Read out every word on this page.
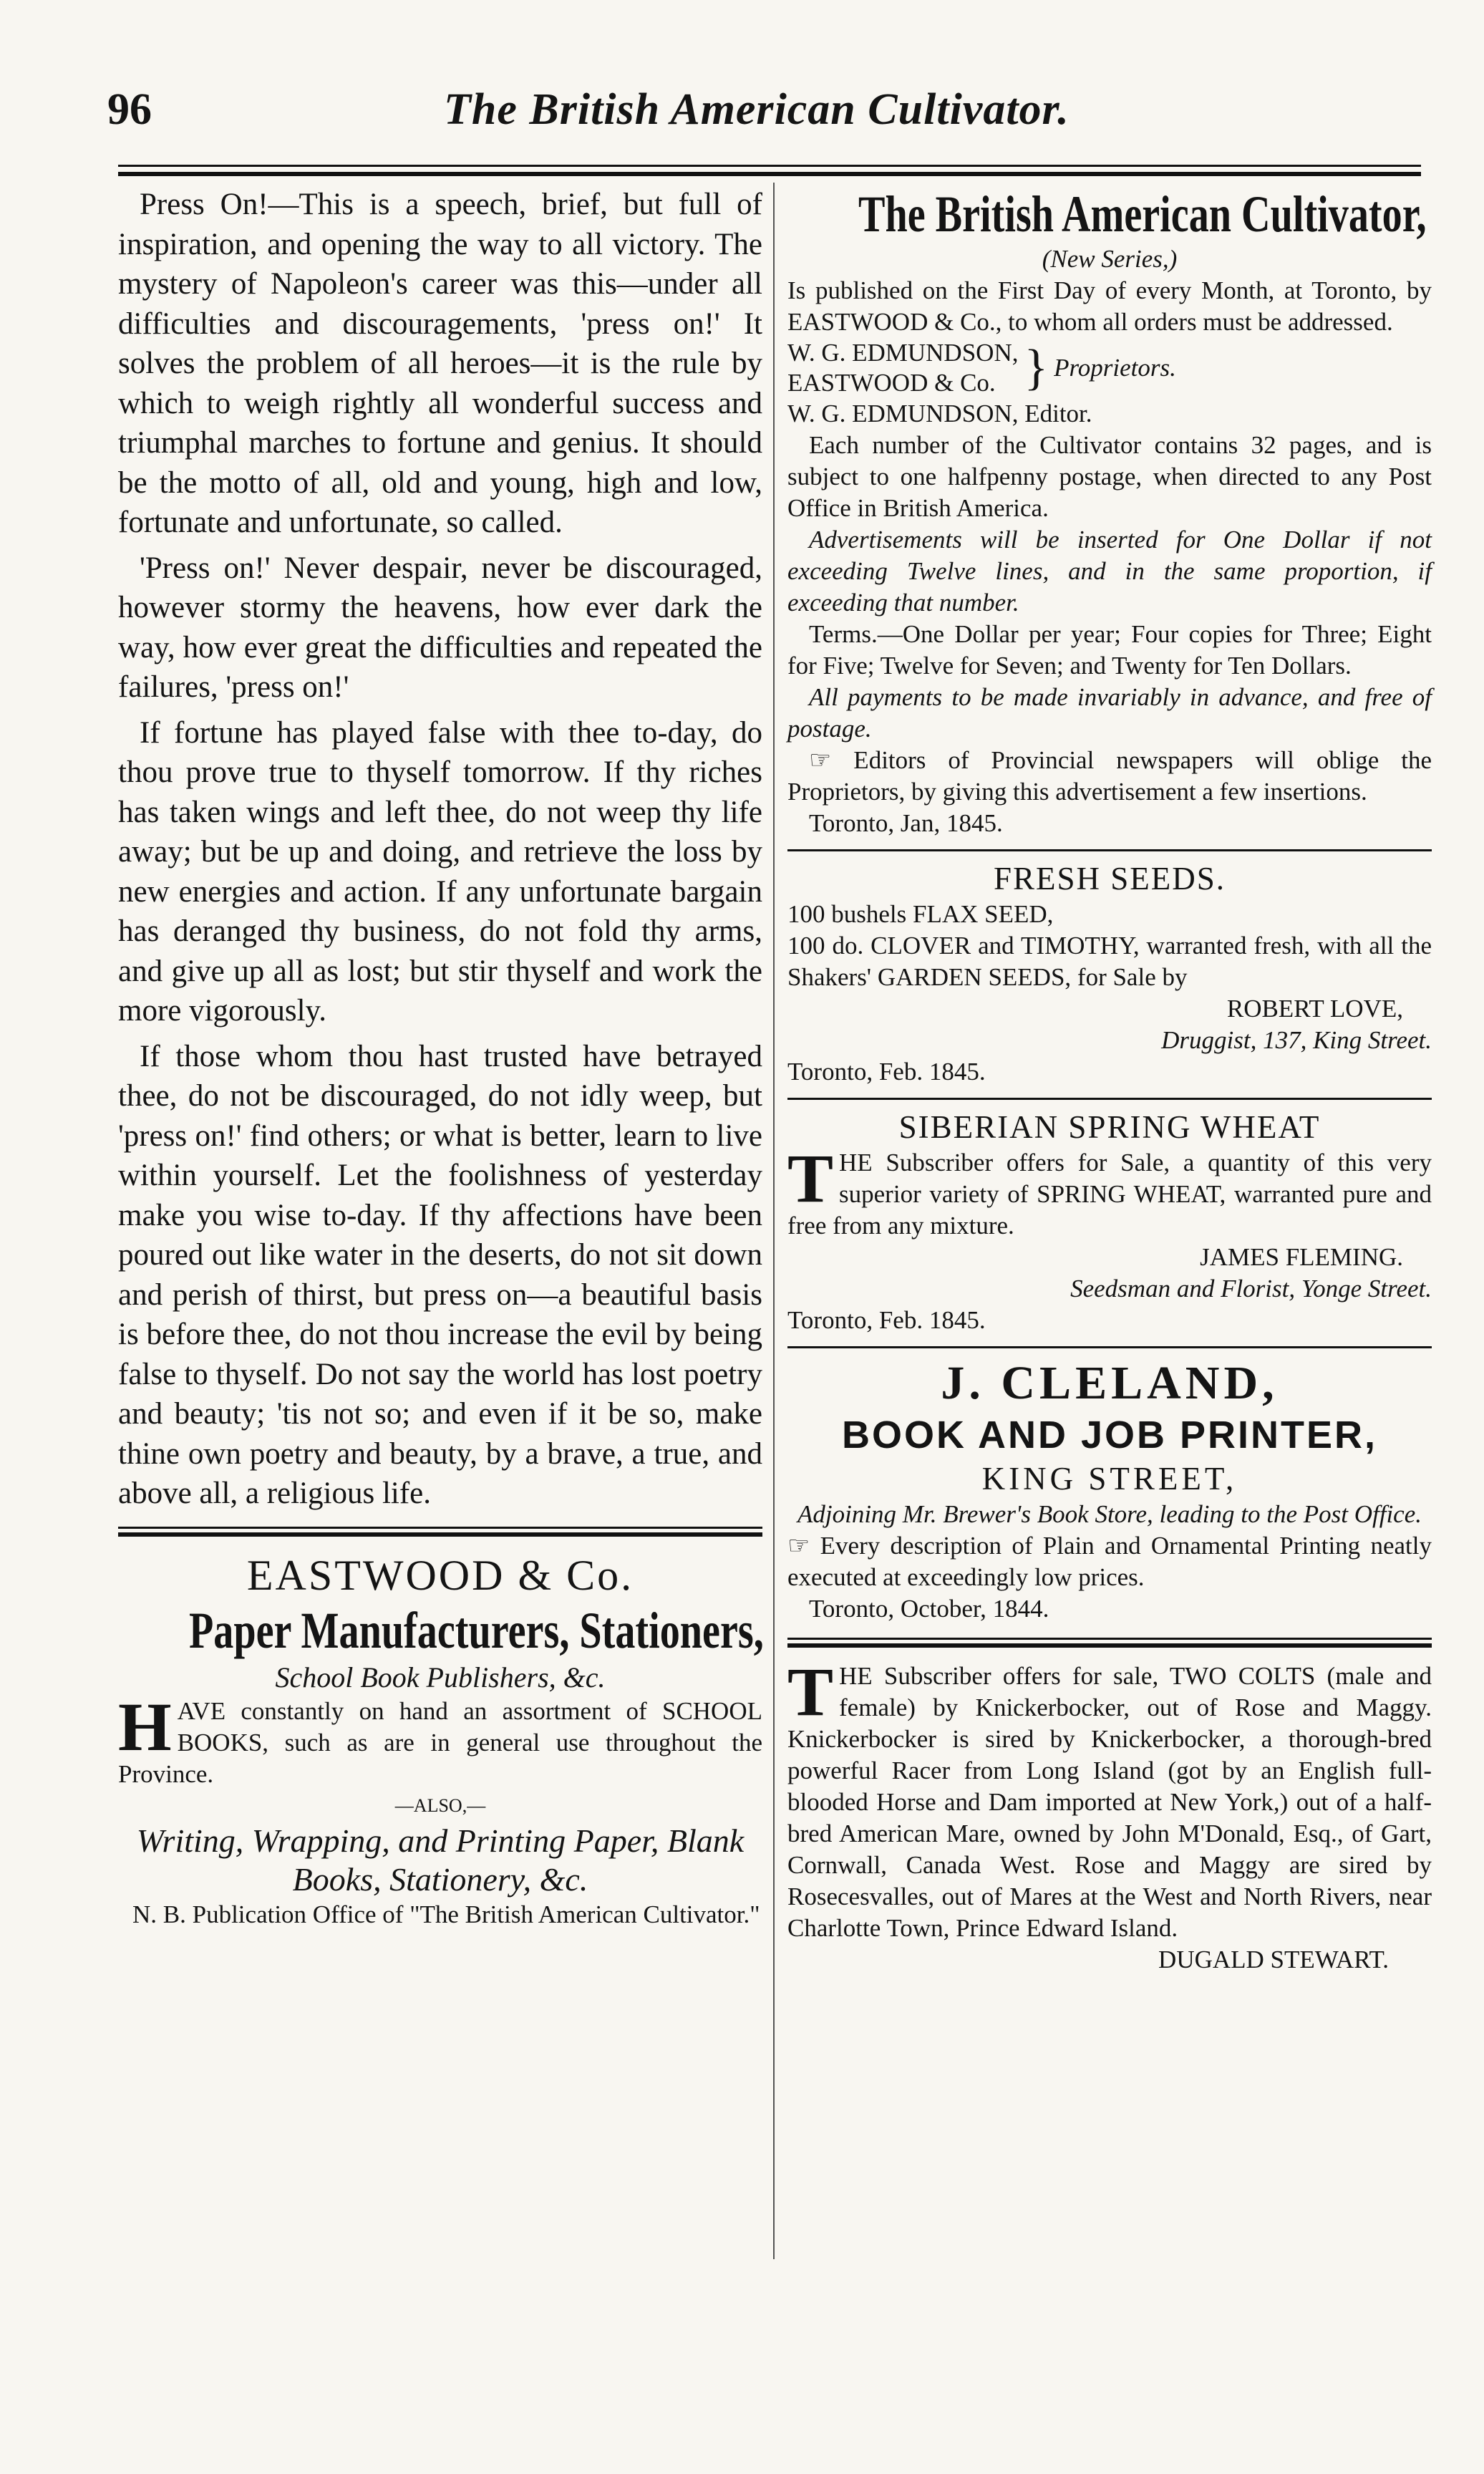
96	The British American Cultivator.

Press On!—This is a speech, brief, but full of inspiration, and opening the way to all victory. The mystery of Napoleon's career was this—under all difficulties and discouragements, 'press on!' It solves the problem of all heroes—it is the rule by which to weigh rightly all wonderful success and triumphal marches to fortune and genius. It should be the motto of all, old and young, high and low, fortunate and unfortunate, so called.

'Press on!' Never despair, never be discouraged, however stormy the heavens, how ever dark the way, how ever great the difficulties and repeated the failures, 'press on!'

If fortune has played false with thee to-day, do thou prove true to thyself tomorrow. If thy riches has taken wings and left thee, do not weep thy life away; but be up and doing, and retrieve the loss by new energies and action. If any unfortunate bargain has deranged thy business, do not fold thy arms, and give up all as lost; but stir thyself and work the more vigorously.

If those whom thou hast trusted have betrayed thee, do not be discouraged, do not idly weep, but 'press on!' find others; or what is better, learn to live within yourself. Let the foolishness of yesterday make you wise to-day. If thy affections have been poured out like water in the deserts, do not sit down and perish of thirst, but press on—a beautiful basis is before thee, do not thou increase the evil by being false to thyself. Do not say the world has lost poetry and beauty; 'tis not so; and even if it be so, make thine own poetry and beauty, by a brave, a true, and above all, a religious life.

EASTWOOD & Co.

Paper Manufacturers, Stationers,

School Book Publishers, &c.

HAVE constantly on hand an assortment of SCHOOL BOOKS, such as are in general use throughout the Province.

—ALSO,—

Writing, Wrapping, and Printing Paper, Blank Books, Stationery, &c.

N. B. Publication Office of "The British American Cultivator."

The British American Cultivator,

(New Series,)

Is published on the First Day of every Month, at Toronto, by EASTWOOD & Co., to whom all orders must be addressed.

W. G. EDMUNDSON,
EASTWOOD & Co. } Proprietors.

W. G. EDMUNDSON, Editor.

Each number of the Cultivator contains 32 pages, and is subject to one halfpenny postage, when directed to any Post Office in British America.

Advertisements will be inserted for One Dollar if not exceeding Twelve lines, and in the same proportion, if exceeding that number.

Terms.—One Dollar per year; Four copies for Three; Eight for Five; Twelve for Seven; and Twenty for Ten Dollars.

All payments to be made invariably in advance, and free of postage.

☞ Editors of Provincial newspapers will oblige the Proprietors, by giving this advertisement a few insertions.

Toronto, Jan, 1845.

FRESH SEEDS.

100 bushels FLAX SEED,

100 do. CLOVER and TIMOTHY, warranted fresh, with all the Shakers' GARDEN SEEDS, for Sale by

ROBERT LOVE,

Druggist, 137, King Street.

Toronto, Feb. 1845.

SIBERIAN SPRING WHEAT

THE Subscriber offers for Sale, a quantity of this very superior variety of SPRING WHEAT, warranted pure and free from any mixture.

JAMES FLEMING.

Seedsman and Florist, Yonge Street.

Toronto, Feb. 1845.

J. CLELAND,

BOOK AND JOB PRINTER,

KING STREET,

Adjoining Mr. Brewer's Book Store, leading to the Post Office.

☞ Every description of Plain and Ornamental Printing neatly executed at exceedingly low prices.

Toronto, October, 1844.

THE Subscriber offers for sale, TWO COLTS (male and female) by Knickerbocker, out of Rose and Maggy. Knickerbocker is sired by Knickerbocker, a thorough-bred powerful Racer from Long Island (got by an English full-blooded Horse and Dam imported at New York,) out of a half-bred American Mare, owned by John M'Donald, Esq., of Gart, Cornwall, Canada West. Rose and Maggy are sired by Rosecesvalles, out of Mares at the West and North Rivers, near Charlotte Town, Prince Edward Island.

DUGALD STEWART.
